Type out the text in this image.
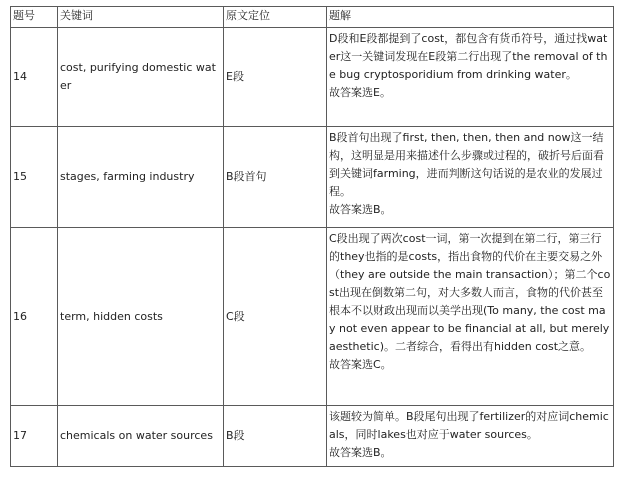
题号	关键词	原文定位	题解
14	cost, purifying domestic water	E段	D段和E段都提到了cost，都包含有货币符号，通过找water这一关键词发现在E段第二行出现了the removal of the bug cryptosporidium from drinking water。

故答案选E。

15	stages, farming industry	B段首句	B段首句出现了first, then, then, then and now这一结构，这明显是用来描述什么步骤或过程的，破折号后面看到关键词farming，进而判断这句话说的是农业的发展过程。

故答案选B。

16	term, hidden costs	C段	C段出现了两次cost一词，第一次提到在第二行，第三行的they也指的是costs，指出食物的代价在主要交易之外（they are outside the main transaction）；第二个cost出现在倒数第二句，对大多数人而言，食物的代价甚至根本不以财政出现而以美学出现(To many, the cost may not even appear to be financial at all, but merely aesthetic)。二者综合，看得出有hidden cost之意。

故答案选C。

17	chemicals on water sources	B段	该题较为简单。B段尾句出现了fertilizer的对应词chemicals，同时lakes也对应于water sources。

故答案选B。
